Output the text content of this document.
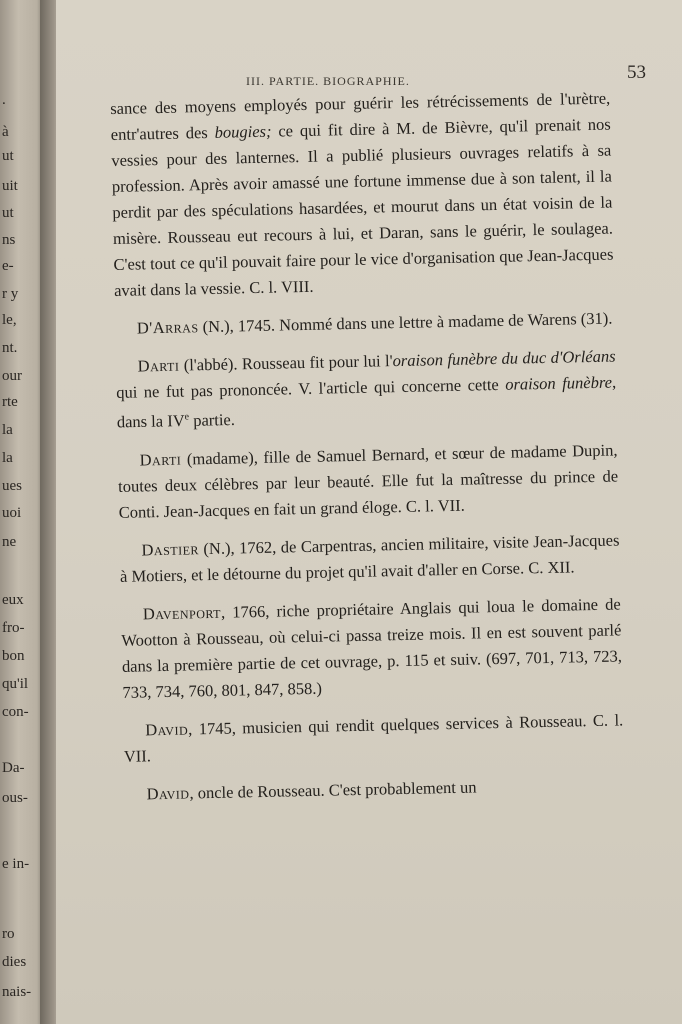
.
à
ut
uit
ut
ns
e-
r y
le,
nt.
our
rte
la
la
ues
uoi
ne
eux
fro-
bon
qu'il
con-
Da-
ous-
e in-
ro
dies
nais-
III. PARTIE. BIOGRAPHIE.	53

sance des moyens employés pour guérir les rétrécissements de l'urètre, entr'autres des bougies; ce qui fit dire à M. de Bièvre, qu'il prenait nos vessies pour des lanternes. Il a publié plusieurs ouvrages relatifs à sa profession. Après avoir amassé une fortune immense due à son talent, il la perdit par des spéculations hasardées, et mourut dans un état voisin de la misère. Rousseau eut recours à lui, et Daran, sans le guérir, le soulagea. C'est tout ce qu'il pouvait faire pour le vice d'organisation que Jean-Jacques avait dans la vessie. C. l. VIII.

D'Arras (N.), 1745. Nommé dans une lettre à madame de Warens (31).

Darti (l'abbé). Rousseau fit pour lui l'oraison funèbre du duc d'Orléans qui ne fut pas prononcée. V. l'article qui concerne cette oraison funèbre, dans la IVe partie.

Darti (madame), fille de Samuel Bernard, et sœur de madame Dupin, toutes deux célèbres par leur beauté. Elle fut la maîtresse du prince de Conti. Jean-Jacques en fait un grand éloge. C. l. VII.

Dastier (N.), 1762, de Carpentras, ancien militaire, visite Jean-Jacques à Motiers, et le détourne du projet qu'il avait d'aller en Corse. C. XII.

Davenport, 1766, riche propriétaire Anglais qui loua le domaine de Wootton à Rousseau, où celui-ci passa treize mois. Il en est souvent parlé dans la première partie de cet ouvrage, p. 115 et suiv. (697, 701, 713, 723, 733, 734, 760, 801, 847, 858.)

David, 1745, musicien qui rendit quelques services à Rousseau. C. l. VII.

David, oncle de Rousseau. C'est probablement un
